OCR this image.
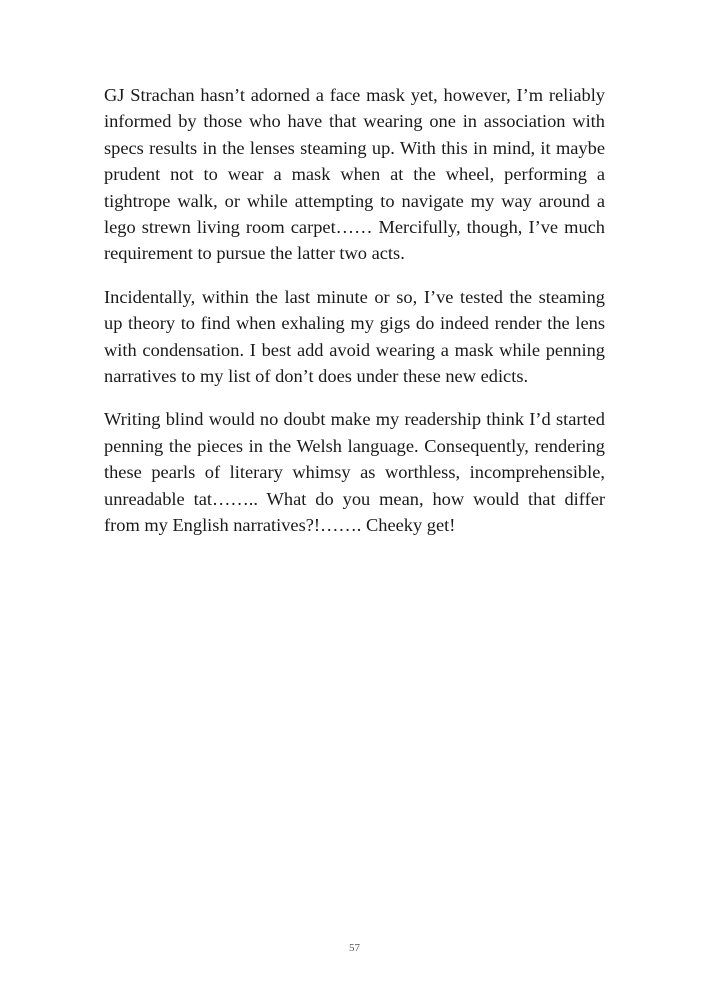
GJ Strachan hasn’t adorned a face mask yet, however, I’m reliably informed by those who have that wearing one in association with specs results in the lenses steaming up. With this in mind, it maybe prudent not to wear a mask when at the wheel, performing a tightrope walk, or while attempting to navigate my way around a lego strewn living room carpet…… Mercifully, though, I’ve much requirement to pursue the latter two acts.

Incidentally, within the last minute or so, I’ve tested the steaming up theory to find when exhaling my gigs do indeed render the lens with condensation. I best add avoid wearing a mask while penning narratives to my list of don’t does under these new edicts.

Writing blind would no doubt make my readership think I’d started penning the pieces in the Welsh language. Consequently, rendering these pearls of literary whimsy as worthless, incomprehensible, unreadable tat…….. What do you mean, how would that differ from my English narratives?!……. Cheeky get!

57
